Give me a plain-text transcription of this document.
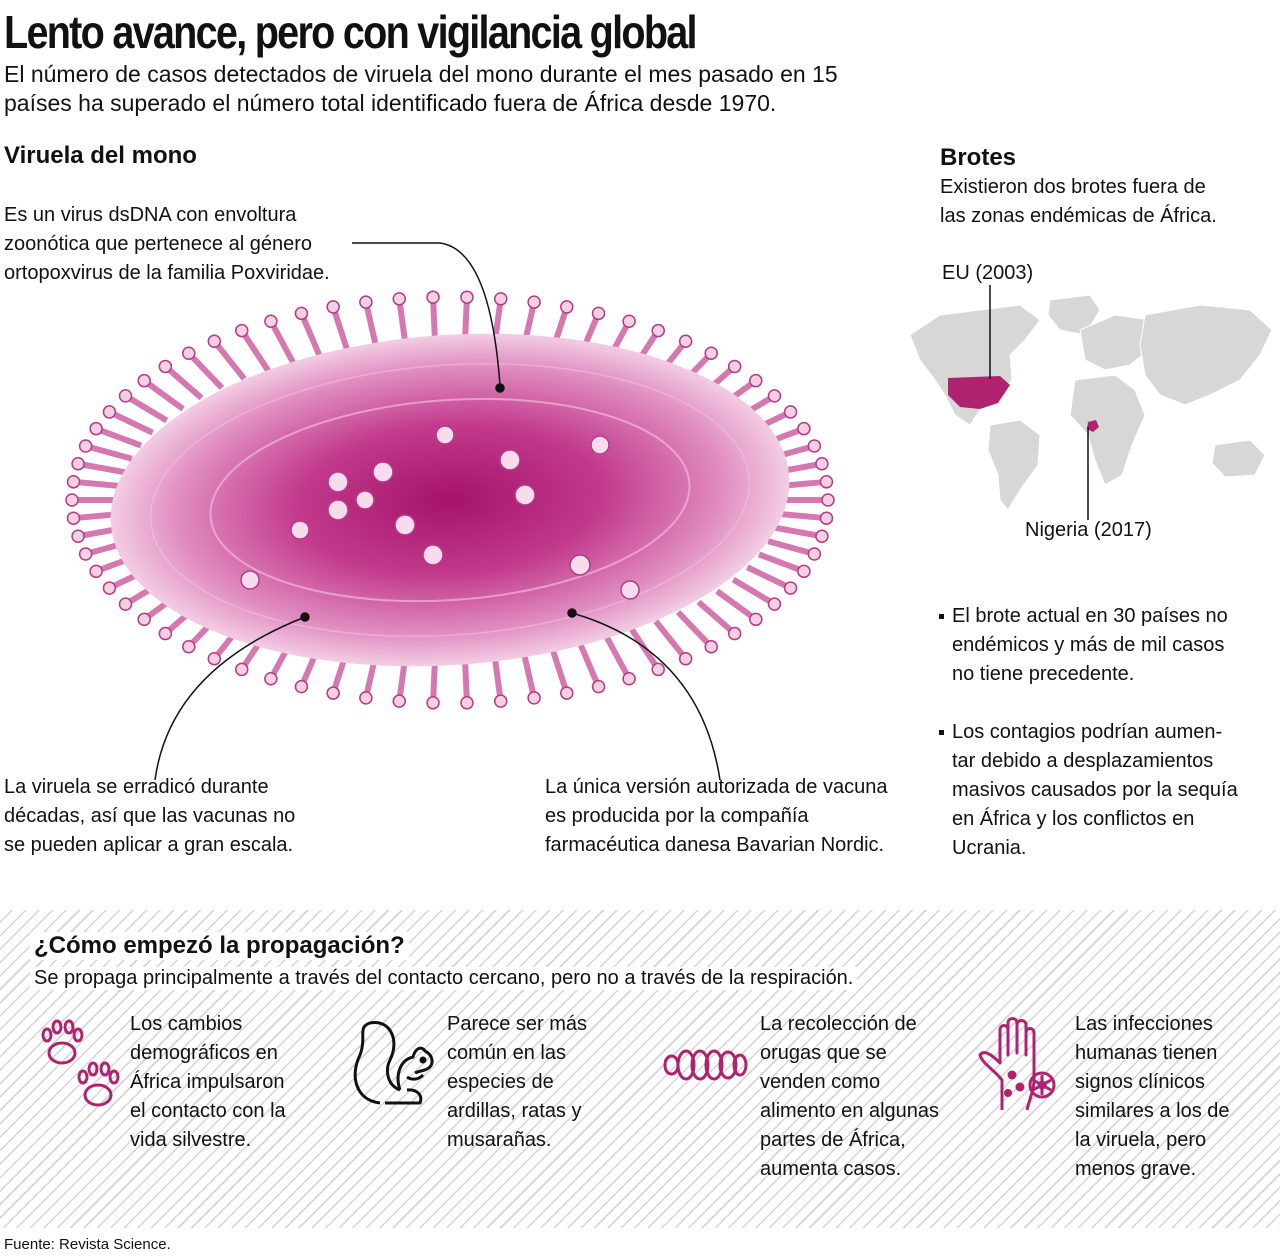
Lento avance, pero con vigilancia global
El número de casos detectados de viruela del mono durante el mes pasado en 15 países ha superado el número total identificado fuera de África desde 1970.
Viruela del mono
Es un virus dsDNA con envoltura
zoonótica que pertenece al género
ortopoxvirus de la familia Poxviridae.
La viruela se erradicó durante
décadas, así que las vacunas no
se pueden aplicar a gran escala.
La única versión autorizada de vacuna
es producida por la compañía
farmacéutica danesa Bavarian Nordic.
Brotes
Existieron dos brotes fuera de
las zonas endémicas de África.
EU (2003)
Nigeria (2017)
El brote actual en 30 países no
endémicos y más de mil casos
no tiene precedente.
Los contagios podrían aumen-
tar debido a desplazamientos
masivos causados por la sequía
en África y los conflictos en
Ucrania.
¿Cómo empezó la propagación?
Se propaga principalmente a través del contacto cercano, pero no a través de la respiración.
Los cambios
demográficos en
África impulsaron
el contacto con la
vida silvestre.
Parece ser más
común en las
especies de
ardillas, ratas y
musarañas.
La recolección de
orugas que se
venden como
alimento en algunas
partes de África,
aumenta casos.
Las infecciones
humanas tienen
signos clínicos
similares a los de
la viruela, pero
menos grave.
Fuente: Revista Science.
